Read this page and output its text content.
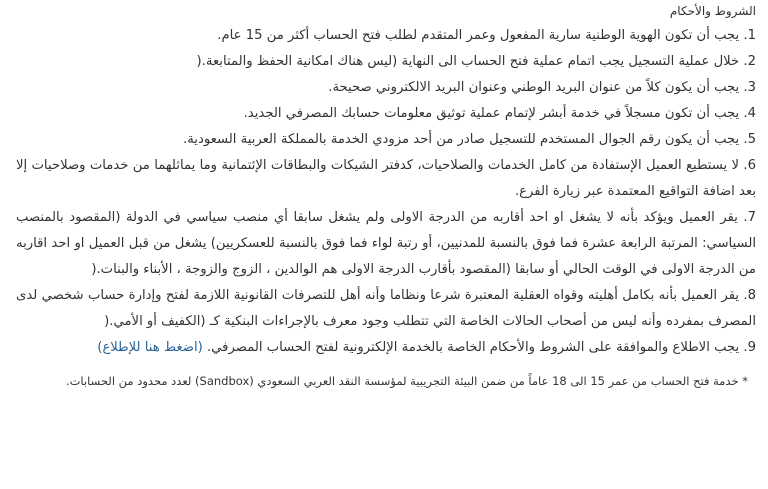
الشروط والأحكام
1. يجب أن تكون الهوية الوطنية سارية المفعول وعمر المتقدم لطلب فتح الحساب أكثر من 15 عام.
2. خلال عملية التسجيل يجب اتمام عملية فتح الحساب الى النهاية (ليس هناك امكانية الحفظ والمتابعة.(
3. يجب أن يكون كلاً من عنوان البريد الوطني وعنوان البريد الالكتروني صحيحة.
4. يجب أن تكون مسجلاً في خدمة أبشر لإتمام عملية توثيق معلومات حسابك المصرفي الجديد.
5. يجب أن يكون رقم الجوال المستخدم للتسجيل صادر من أحد مزودي الخدمة بالمملكة العربية السعودية.
6. لا يستطيع العميل الإستفادة من كامل الخدمات والصلاحيات، كدفتر الشيكات والبطاقات الإئتمانية وما يماثلهما من خدمات وصلاحيات إلا بعد اضافة التواقيع المعتمدة عبر زيارة الفرع.
7. يقر العميل ويؤكد بأنه لا يشغل او احد أقاربه من الدرجة الاولى ولم يشغل سابقا أي منصب سياسي في الدولة (المقصود بالمنصب السياسي: المرتبة الرابعة عشرة فما فوق بالنسبة للمدنيين، أو رتبة لواء فما فوق بالنسبة للعسكريين) يشغل من قبل العميل او احد اقاربه من الدرجة الاولى في الوقت الحالي أو سابقا (المقصود بأقارب الدرجة الاولى هم الوالدين ، الزوج والزوجة ، الأبناء والبنات.(
8. يقر العميل بأنه بكامل أهليته وقواه العقلية المعتبرة شرعا ونظاما وأنه أهل للتصرفات القانونية اللازمة لفتح وإدارة حساب شخصي لدى المصرف بمفرده وأنه ليس من أصحاب الحالات الخاصة التي تتطلب وجود معرف بالإجراءات البنكية كـ (الكفيف أو الأمي.(
9. يجب الاطلاع والموافقة على الشروط والأحكام الخاصة بالخدمة الإلكترونية لفتح الحساب المصرفي. (اضغط هنا للإطلاع)

* خدمة فتح الحساب من عمر 15 الى 18 عاماً من ضمن البيئة التجريبية لمؤسسة النقد العربي السعودي (Sandbox) لعدد محدود من الحسابات.
